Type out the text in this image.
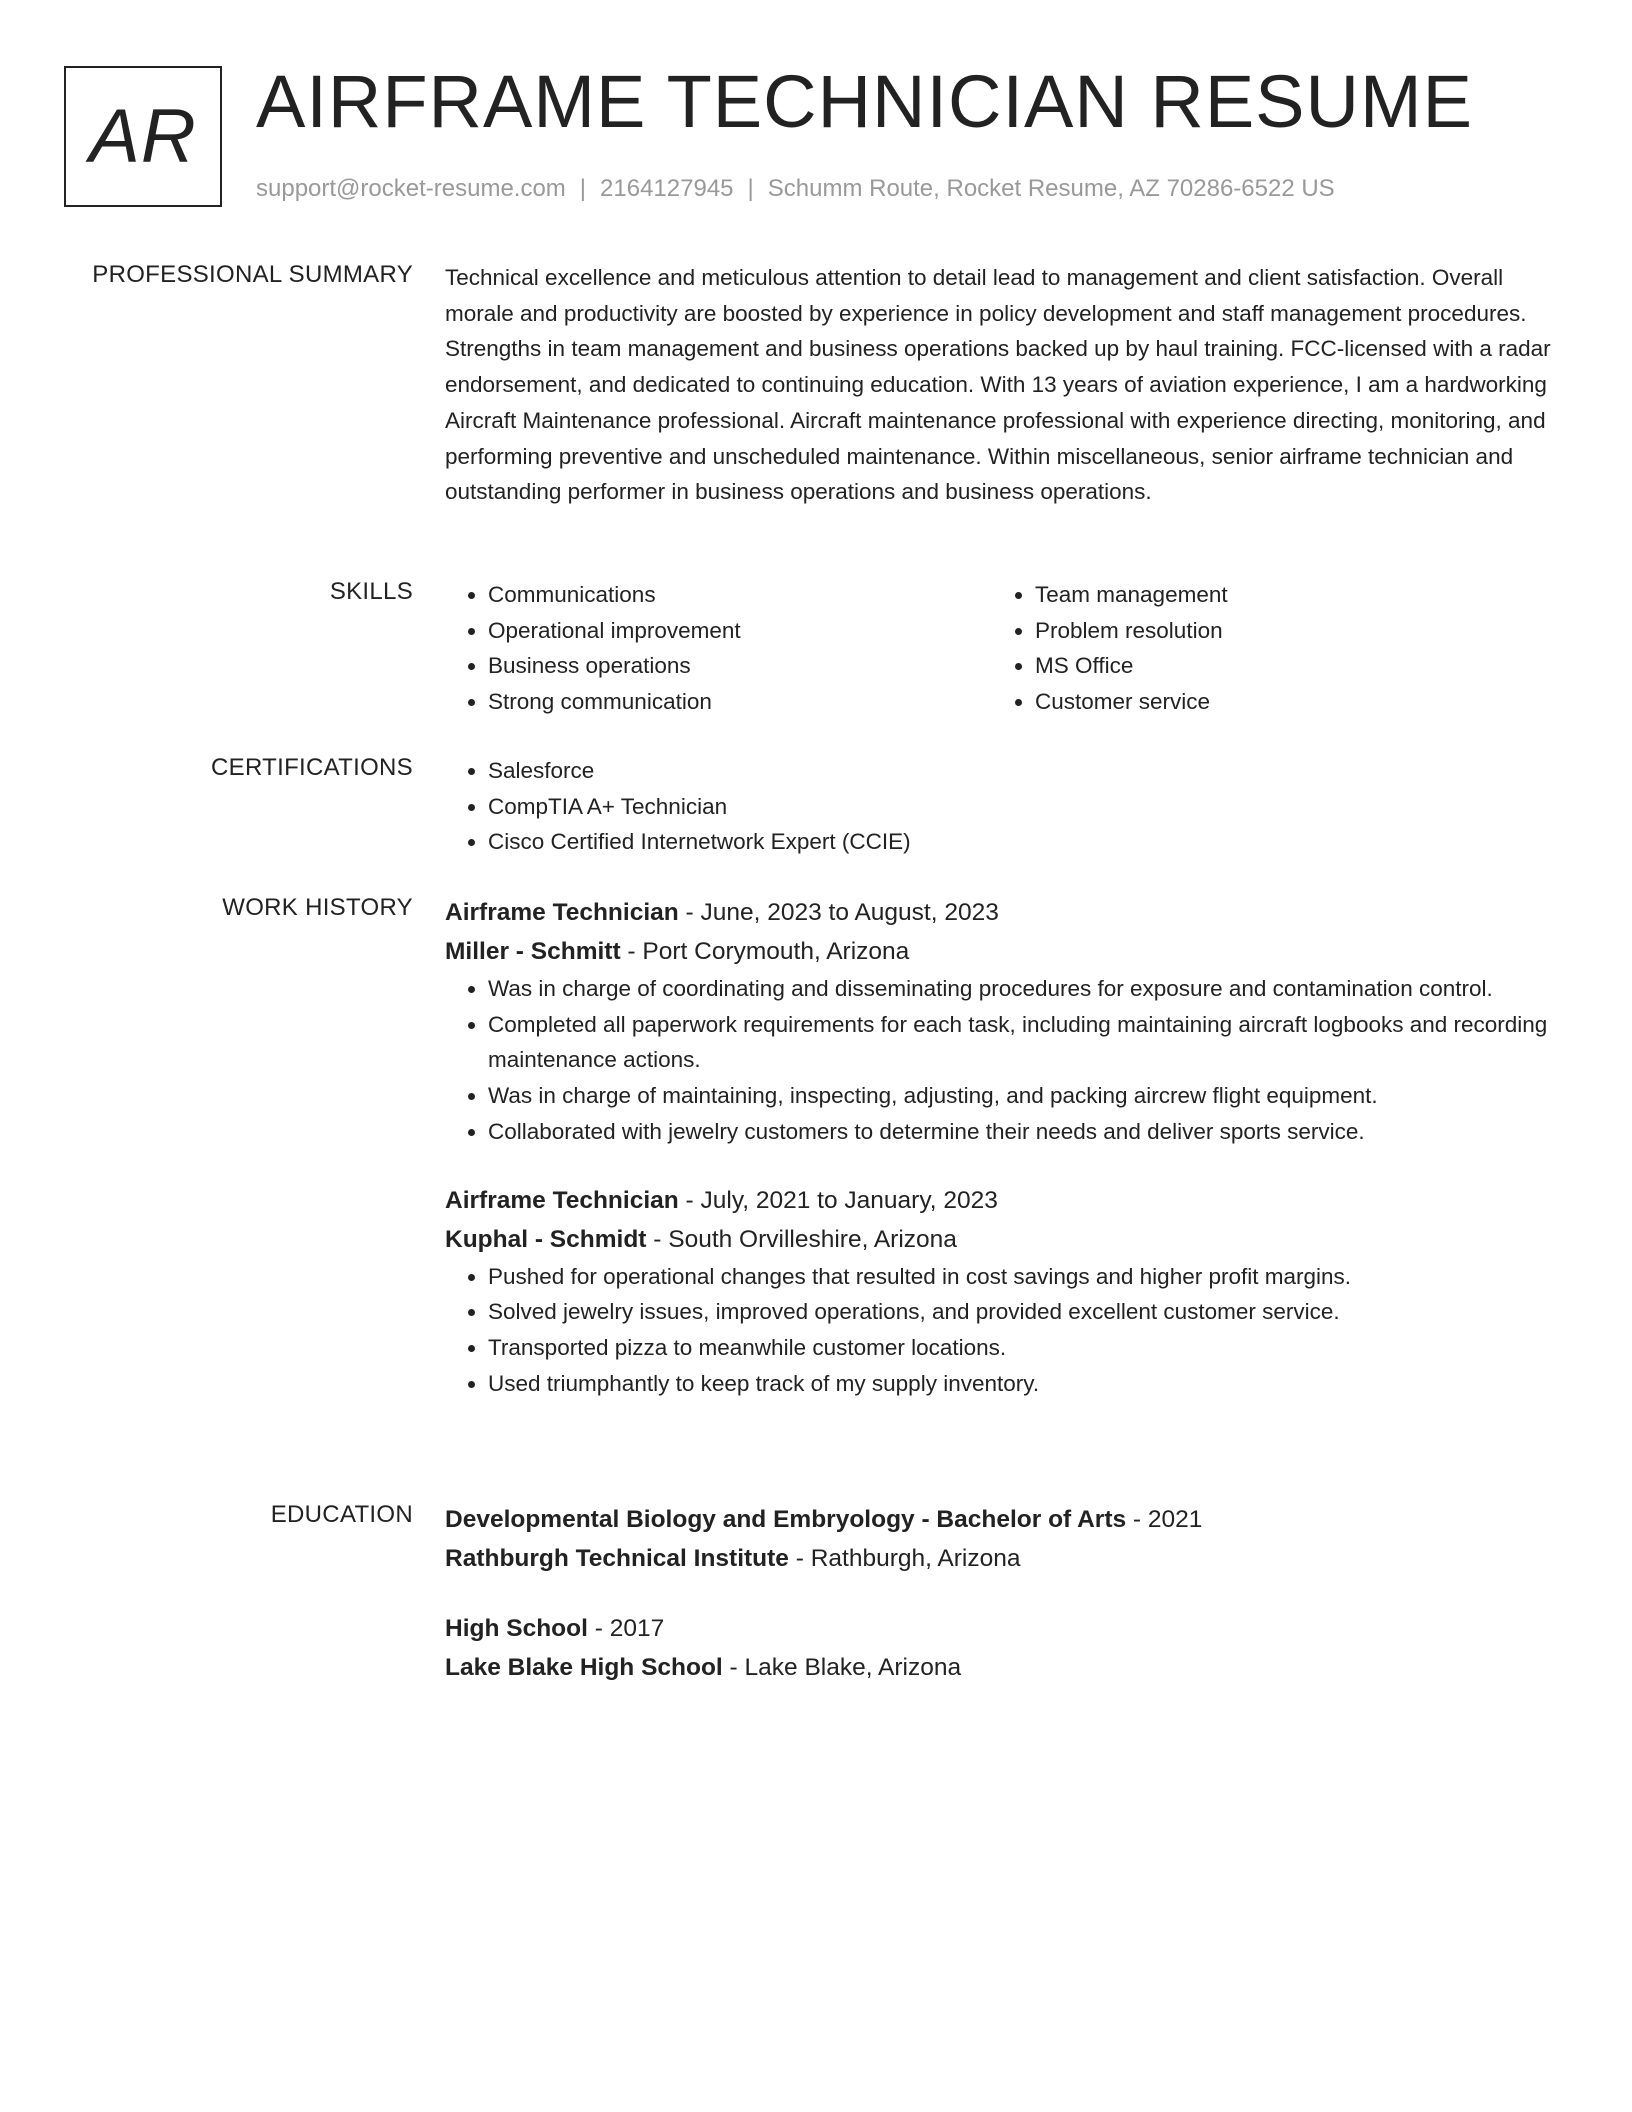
AR AIRFRAME TECHNICIAN RESUME
support@rocket-resume.com | 2164127945 | Schumm Route, Rocket Resume, AZ 70286-6522 US
PROFESSIONAL SUMMARY Technical excellence and meticulous attention to detail lead to management and client satisfaction. Overall morale and productivity are boosted by experience in policy development and staff management procedures. Strengths in team management and business operations backed up by haul training. FCC-licensed with a radar endorsement, and dedicated to continuing education. With 13 years of aviation experience, I am a hardworking Aircraft Maintenance professional. Aircraft maintenance professional with experience directing, monitoring, and performing preventive and unscheduled maintenance. Within miscellaneous, senior airframe technician and outstanding performer in business operations and business operations.

SKILLS	• Communications
• Operational improvement
• Business operations
• Strong communication
• Team management
• Problem resolution
• MS Office
• Customer service
CERTIFICATIONS	• Salesforce
• CompTIA A+ Technician
• Cisco Certified Internetwork Expert (CCIE)
WORK HISTORY Airframe Technician - June, 2023 to August, 2023
Miller - Schmitt - Port Corymouth, Arizona
• Was in charge of coordinating and disseminating procedures for exposure and contamination control.
• Completed all paperwork requirements for each task, including maintaining aircraft logbooks and recording maintenance actions.
• Was in charge of maintaining, inspecting, adjusting, and packing aircrew flight equipment.
• Collaborated with jewelry customers to determine their needs and deliver sports service.
Airframe Technician - July, 2021 to January, 2023
Kuphal - Schmidt - South Orvilleshire, Arizona
• Pushed for operational changes that resulted in cost savings and higher profit margins.
• Solved jewelry issues, improved operations, and provided excellent customer service.
• Transported pizza to meanwhile customer locations.
• Used triumphantly to keep track of my supply inventory.
EDUCATION Developmental Biology and Embryology - Bachelor of Arts - 2021
Rathburgh Technical Institute - Rathburgh, Arizona
High School - 2017
Lake Blake High School - Lake Blake, Arizona
